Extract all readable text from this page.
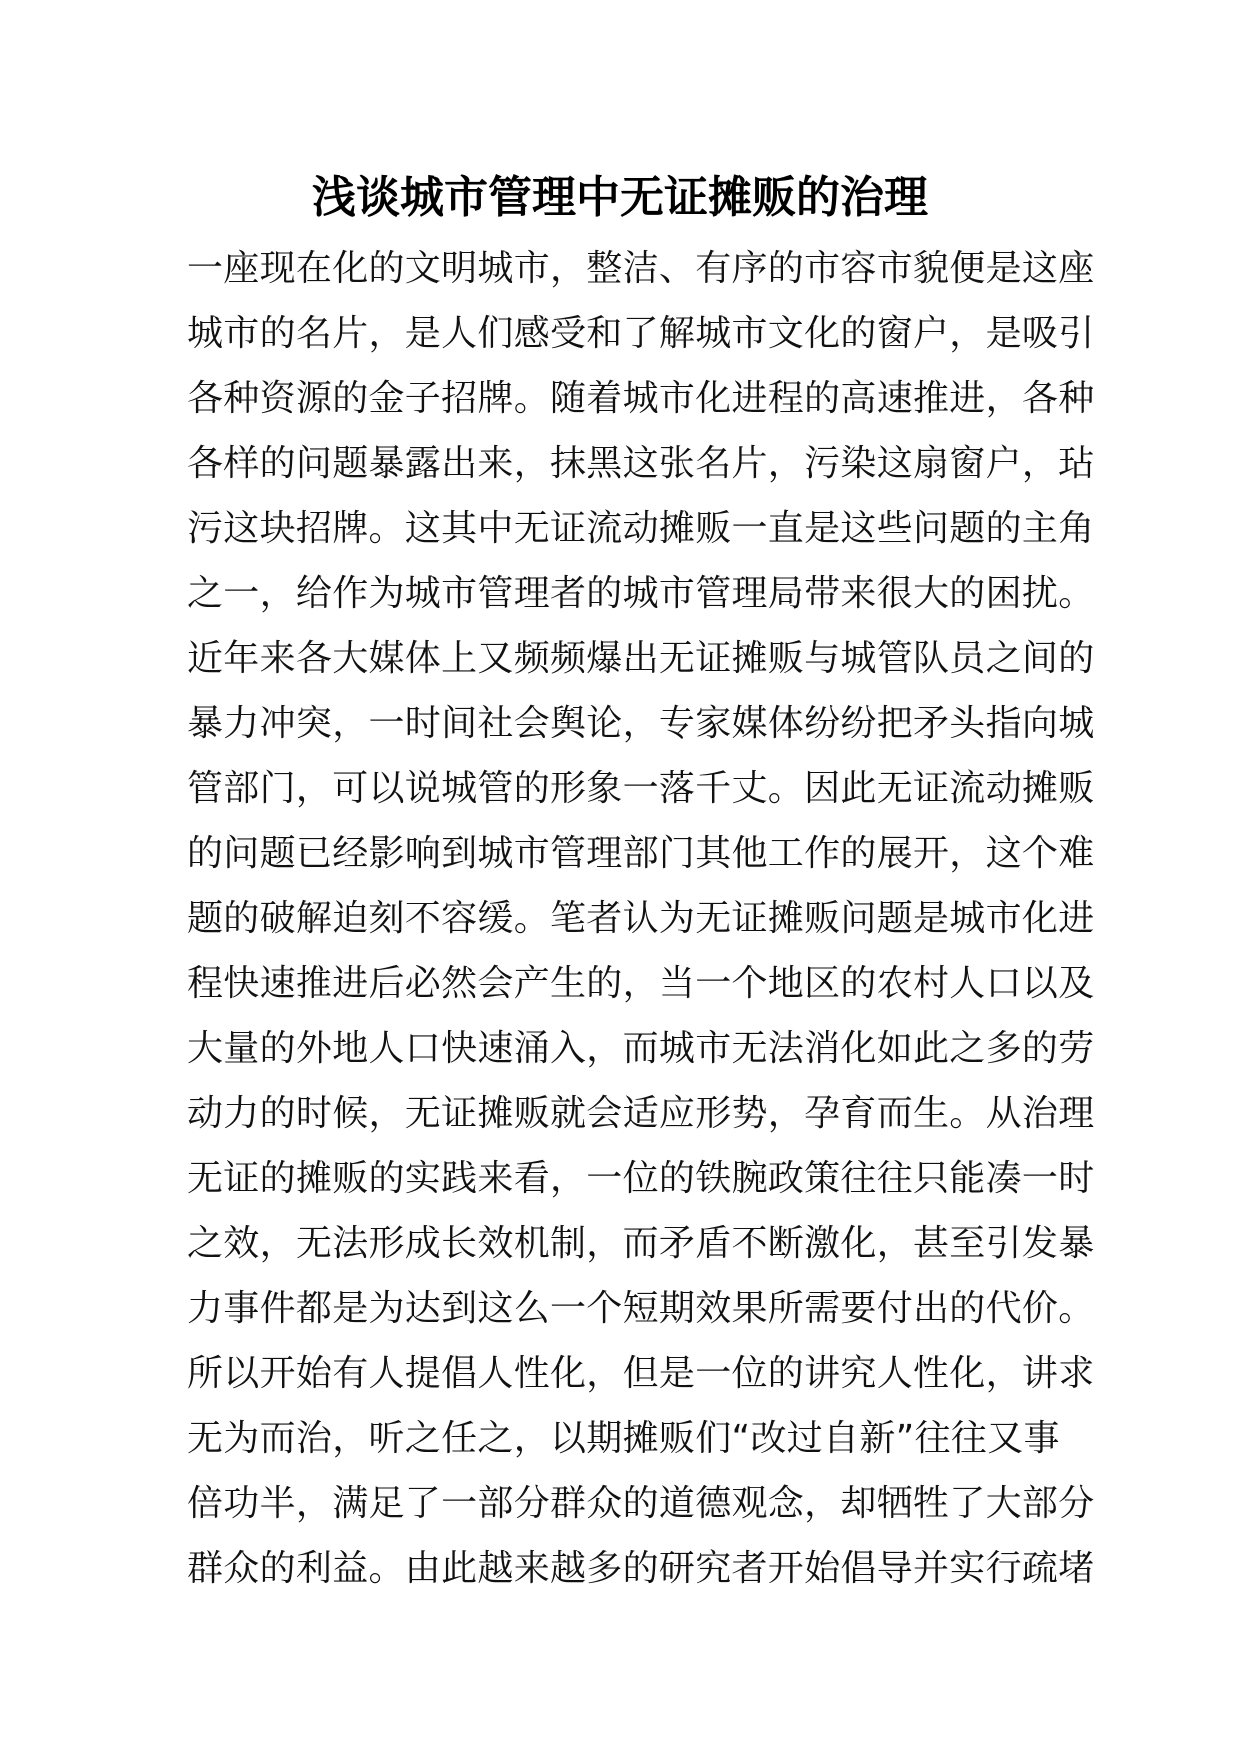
浅谈城市管理中无证摊贩的治理
一座现在化的文明城市，整洁、有序的市容市貌便是这座
城市的名片，是人们感受和了解城市文化的窗户，是吸引
各种资源的金子招牌。随着城市化进程的高速推进，各种
各样的问题暴露出来，抹黑这张名片，污染这扇窗户，玷
污这块招牌。这其中无证流动摊贩一直是这些问题的主角
之一，给作为城市管理者的城市管理局带来很大的困扰。
近年来各大媒体上又频频爆出无证摊贩与城管队员之间的
暴力冲突，一时间社会舆论，专家媒体纷纷把矛头指向城
管部门，可以说城管的形象一落千丈。因此无证流动摊贩
的问题已经影响到城市管理部门其他工作的展开，这个难
题的破解迫刻不容缓。笔者认为无证摊贩问题是城市化进
程快速推进后必然会产生的，当一个地区的农村人口以及
大量的外地人口快速涌入，而城市无法消化如此之多的劳
动力的时候，无证摊贩就会适应形势，孕育而生。从治理
无证的摊贩的实践来看，一位的铁腕政策往往只能凑一时
之效，无法形成长效机制，而矛盾不断激化，甚至引发暴
力事件都是为达到这么一个短期效果所需要付出的代价。
所以开始有人提倡人性化，但是一位的讲究人性化，讲求
无为而治，听之任之，以期摊贩们“改过自新”往往又事
倍功半，满足了一部分群众的道德观念，却牺牲了大部分
群众的利益。由此越来越多的研究者开始倡导并实行疏堵
